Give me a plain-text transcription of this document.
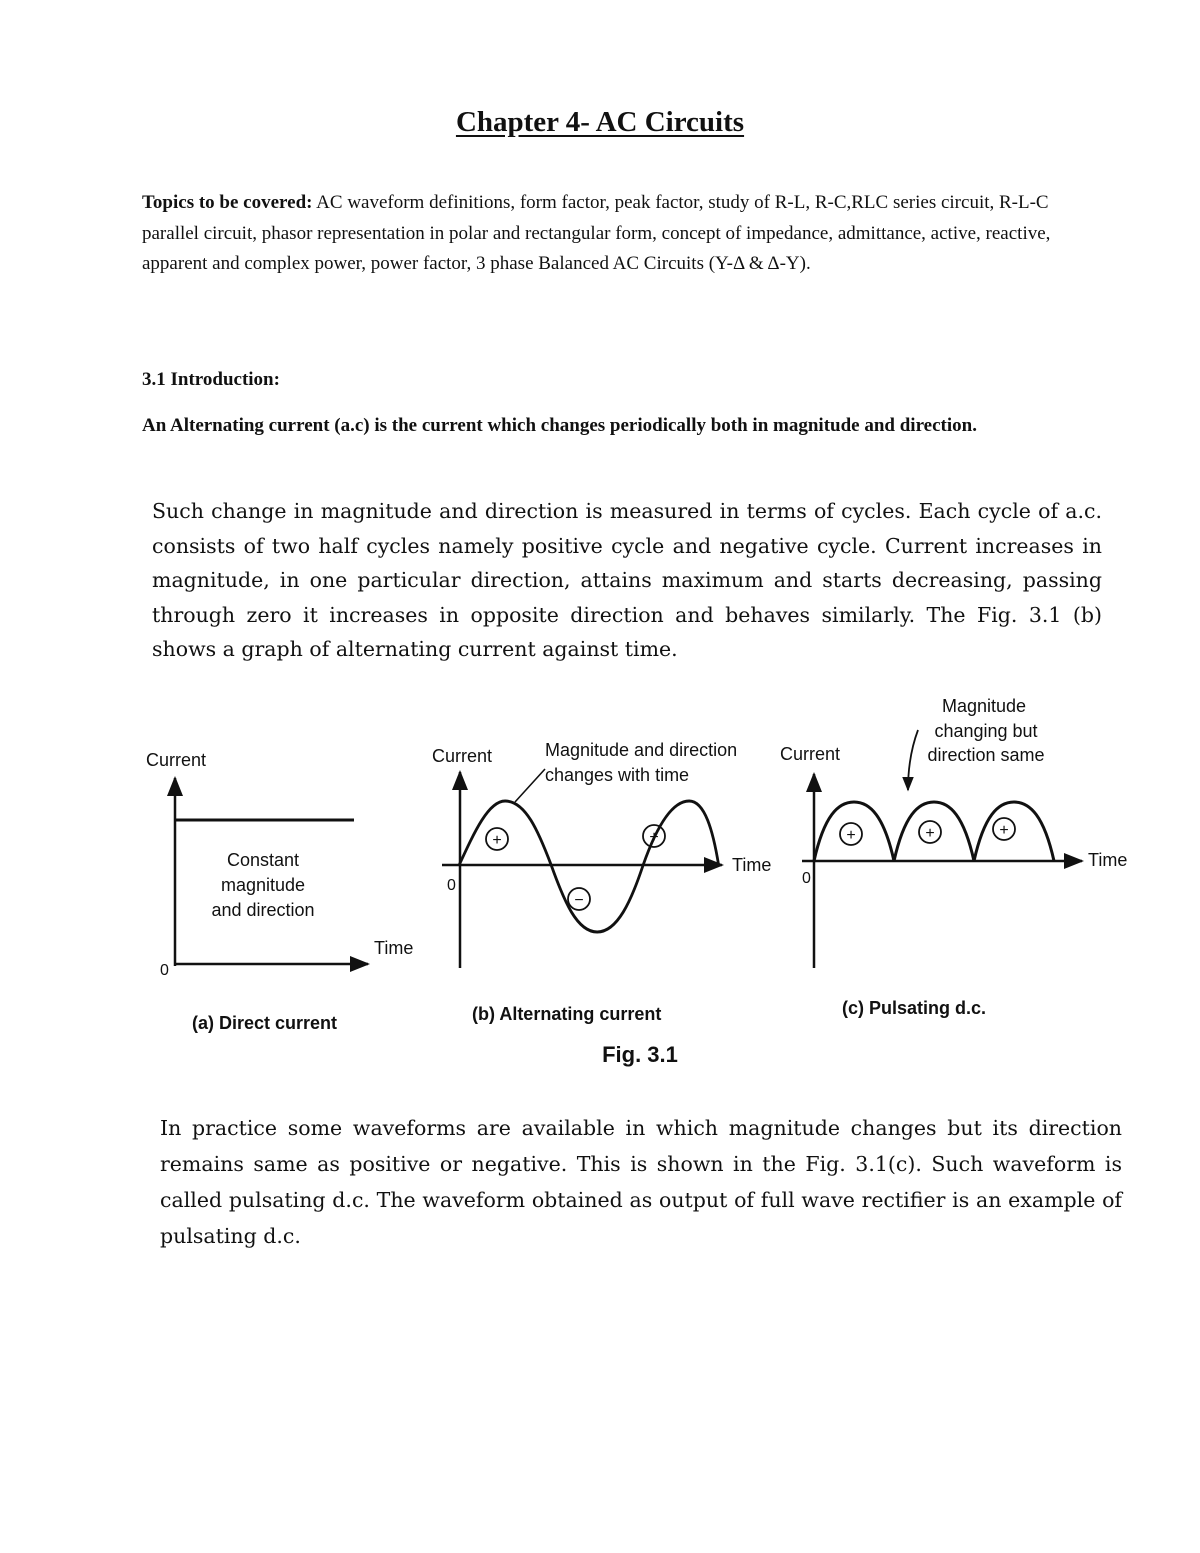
Chapter 4- AC Circuits
Topics to be covered: AC waveform definitions, form factor, peak factor, study of R-L, R-C,RLC series circuit, R-L-C parallel circuit, phasor representation in polar and rectangular form, concept of impedance, admittance, active, reactive, apparent and complex power, power factor, 3 phase Balanced AC Circuits (Y-Δ & Δ-Y).
3.1 Introduction:
An Alternating current (a.c) is the current which changes periodically both in magnitude and direction.
Such change in magnitude and direction is measured in terms of cycles. Each cycle of a.c. consists of two half cycles namely positive cycle and negative cycle. Current increases in magnitude, in one particular direction, attains maximum and starts decreasing, passing through zero it increases in opposite direction and behaves similarly. The Fig. 3.1 (b) shows a graph of alternating current against time.
Current
Time
0
Constant
magnitude
and direction
(a) Direct current
+
−
+
Current
Time
0
Magnitude and direction
changes with time
(b) Alternating current
+	+	+
Current
Time
0
Magnitude
changing but
direction same
(c) Pulsating d.c.
Fig. 3.1
In practice some waveforms are available in which magnitude changes but its direction remains same as positive or negative. This is shown in the Fig. 3.1(c). Such waveform is called pulsating d.c. The waveform obtained as output of full wave rectifier is an example of pulsating d.c.
